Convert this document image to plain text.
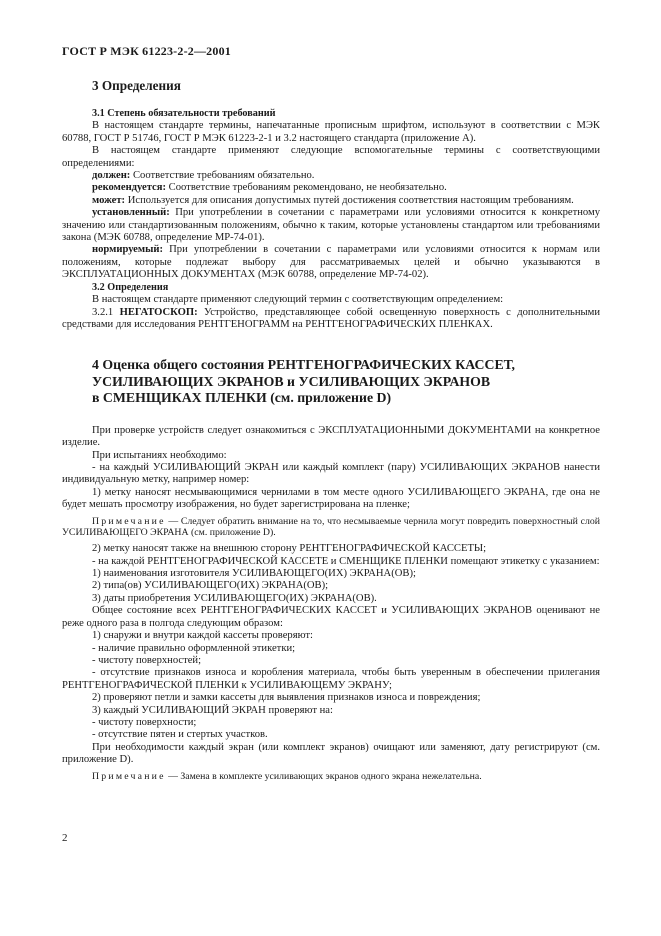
ГОСТ Р МЭК 61223-2-2—2001

3 Определения

3.1 Степень обязательности требований

В настоящем стандарте термины, напечатанные прописным шрифтом, используют в соответствии с МЭК 60788, ГОСТ Р 51746, ГОСТ Р МЭК 61223-2-1 и 3.2 настоящего стандарта (приложение А).

В настоящем стандарте применяют следующие вспомогательные термины с соответствующими определениями:

должен: Соответствие требованиям обязательно.

рекомендуется: Соответствие требованиям рекомендовано, не необязательно.

может: Используется для описания допустимых путей достижения соответствия настоящим требованиям.

установленный: При употреблении в сочетании с параметрами или условиями относится к конкретному значению или стандартизованным положениям, обычно к таким, которые установлены стандартом или требованиями закона (МЭК 60788, определение МР-74-01).

нормируемый: При употреблении в сочетании с параметрами или условиями относится к нормам или положениям, которые подлежат выбору для рассматриваемых целей и обычно указываются в ЭКСПЛУАТАЦИОННЫХ ДОКУМЕНТАХ (МЭК 60788, определение МР-74-02).

3.2 Определения

В настоящем стандарте применяют следующий термин с соответствующим определением:

3.2.1 НЕГАТОСКОП: Устройство, представляющее собой освещенную поверхность с дополнительными средствами для исследования РЕНТГЕНОГРАММ на РЕНТГЕНОГРАФИЧЕСКИХ ПЛЕНКАХ.

4 Оценка общего состояния РЕНТГЕНОГРАФИЧЕСКИХ КАССЕТ,
УСИЛИВАЮЩИХ ЭКРАНОВ и УСИЛИВАЮЩИХ ЭКРАНОВ
в СМЕНЩИКАХ ПЛЕНКИ (см. приложение D)

При проверке устройств следует ознакомиться с ЭКСПЛУАТАЦИОННЫМИ ДОКУМЕНТАМИ на конкретное изделие.

При испытаниях необходимо:

- на каждый УСИЛИВАЮЩИЙ ЭКРАН или каждый комплект (пару) УСИЛИВАЮЩИХ ЭКРАНОВ нанести индивидуальную метку, например номер:

1) метку наносят несмывающимися чернилами в том месте одного УСИЛИВАЮЩЕГО ЭКРАНА, где она не будет мешать просмотру изображения, но будет зарегистрирована на пленке;

Примечание — Следует обратить внимание на то, что несмываемые чернила могут повредить поверхностный слой УСИЛИВАЮЩЕГО ЭКРАНА (см. приложение D).

2) метку наносят также на внешнюю сторону РЕНТГЕНОГРАФИЧЕСКОЙ КАССЕТЫ;

- на каждой РЕНТГЕНОГРАФИЧЕСКОЙ КАССЕТЕ и СМЕНЩИКЕ ПЛЕНКИ помещают этикетку с указанием:

1) наименования изготовителя УСИЛИВАЮЩЕГО(ИХ) ЭКРАНА(ОВ);

2) типа(ов) УСИЛИВАЮЩЕГО(ИХ) ЭКРАНА(ОВ);

3) даты приобретения УСИЛИВАЮЩЕГО(ИХ) ЭКРАНА(ОВ).

Общее состояние всех РЕНТГЕНОГРАФИЧЕСКИХ КАССЕТ и УСИЛИВАЮЩИХ ЭКРАНОВ оценивают не реже одного раза в полгода следующим образом:

1) снаружи и внутри каждой кассеты проверяют:

- наличие правильно оформленной этикетки;

- чистоту поверхностей;

- отсутствие признаков износа и коробления материала, чтобы быть уверенным в обеспечении прилегания РЕНТГЕНОГРАФИЧЕСКОЙ ПЛЕНКИ к УСИЛИВАЮЩЕМУ ЭКРАНУ;

2) проверяют петли и замки кассеты для выявления признаков износа и повреждения;

3) каждый УСИЛИВАЮЩИЙ ЭКРАН проверяют на:

- чистоту поверхности;

- отсутствие пятен и стертых участков.

При необходимости каждый экран (или комплект экранов) очищают или заменяют, дату регистрируют (см. приложение D).

Примечание — Замена в комплекте усиливающих экранов одного экрана нежелательна.

2
